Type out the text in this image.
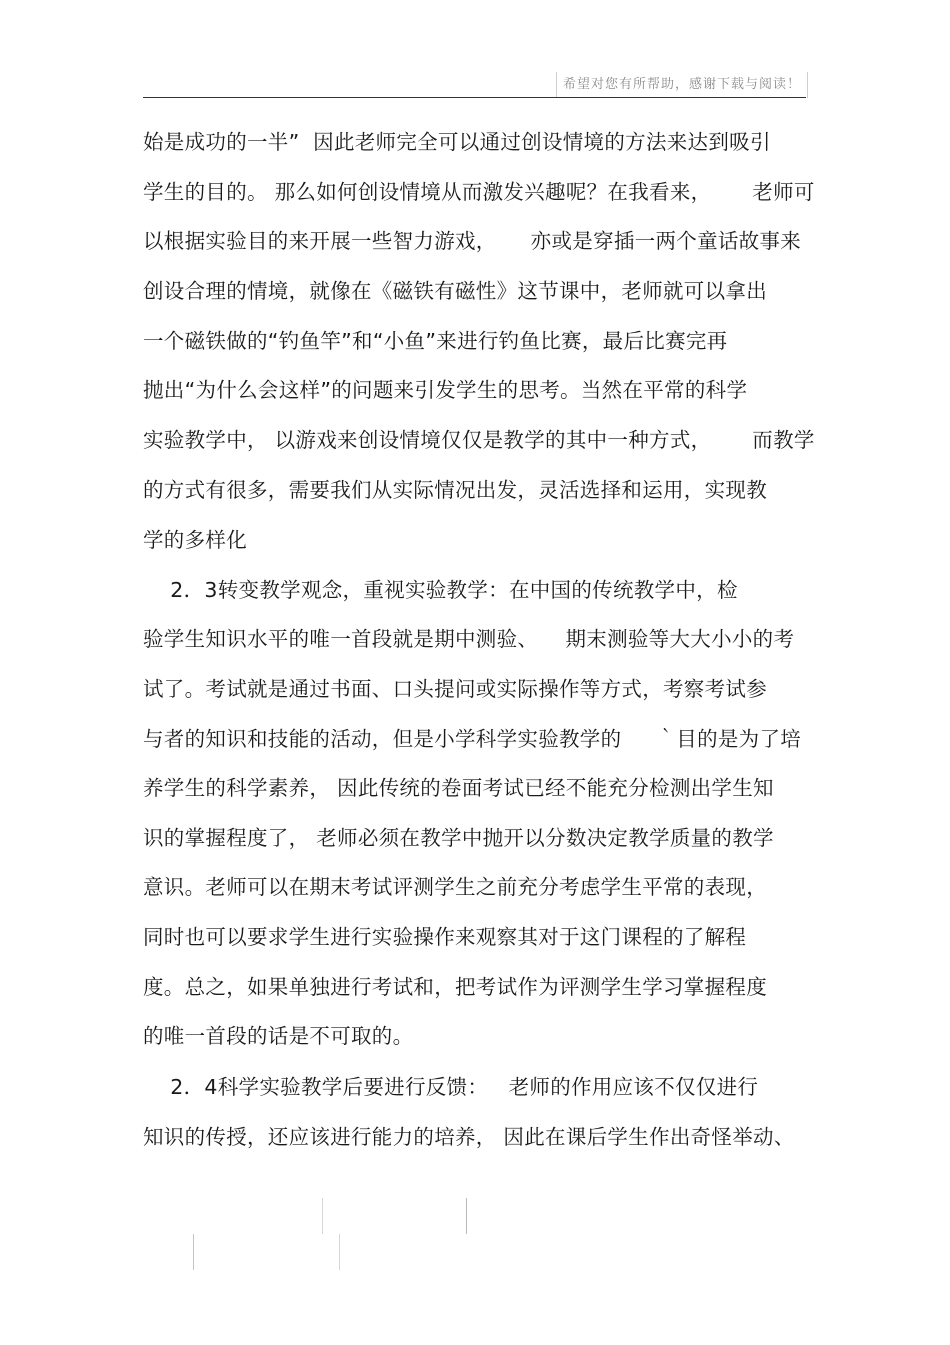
希望对您有所帮助，感谢下载与阅读！
始是成功的一半”  因此老师完全可以通过创设情境的方法来达到吸引
学生的目的。 那么如何创设情境从而激发兴趣呢？在我看来，      老师可
以根据实验目的来开展一些智力游戏，     亦或是穿插一两个童话故事来
创设合理的情境，就像在《磁铁有磁性》这节课中，老师就可以拿出
一个磁铁做的“钓鱼竿”和“小鱼”来进行钓鱼比赛，最后比赛完再
抛出“为什么会这样”的问题来引发学生的思考。当然在平常的科学
实验教学中， 以游戏来创设情境仅仅是教学的其中一种方式，      而教学
的方式有很多，需要我们从实际情况出发，灵活选择和运用，实现教
学的多样化
2．3转变教学观念，重视实验教学：在中国的传统教学中，检
验学生知识水平的唯一首段就是期中测验、    期末测验等大大小小的考
试了。考试就是通过书面、口头提问或实际操作等方式，考察考试参
与者的知识和技能的活动，但是小学科学实验教学的     ｀目的是为了培
养学生的科学素养， 因此传统的卷面考试已经不能充分检测出学生知
识的掌握程度了， 老师必须在教学中抛开以分数决定教学质量的教学
意识。老师可以在期末考试评测学生之前充分考虑学生平常的表现，
同时也可以要求学生进行实验操作来观察其对于这门课程的了解程
度。总之，如果单独进行考试和，把考试作为评测学生学习掌握程度
的唯一首段的话是不可取的。
2．4科学实验教学后要进行反馈：   老师的作用应该不仅仅进行
知识的传授，还应该进行能力的培养， 因此在课后学生作出奇怪举动、
